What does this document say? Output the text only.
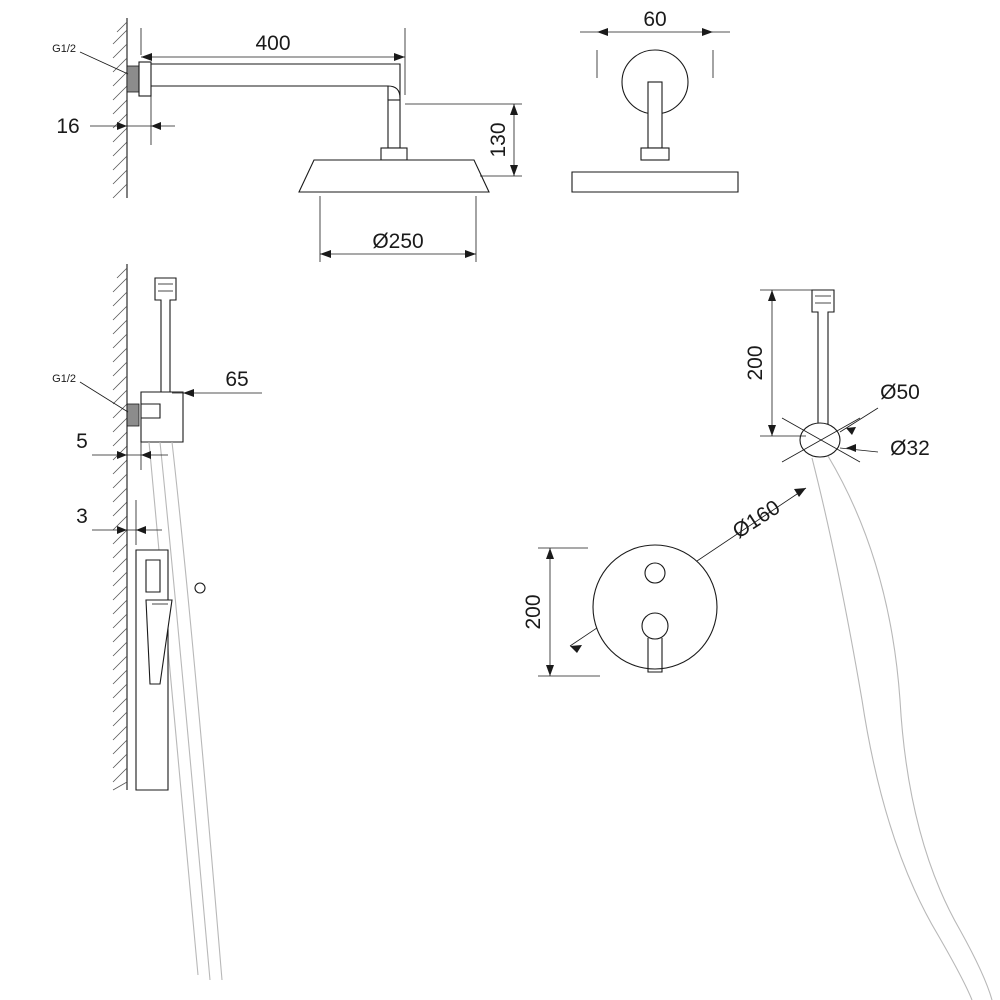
400
16
G1/2
130
Ø250
60
65
5
3
G1/2	200
Ø50
Ø32
Ø160
200
